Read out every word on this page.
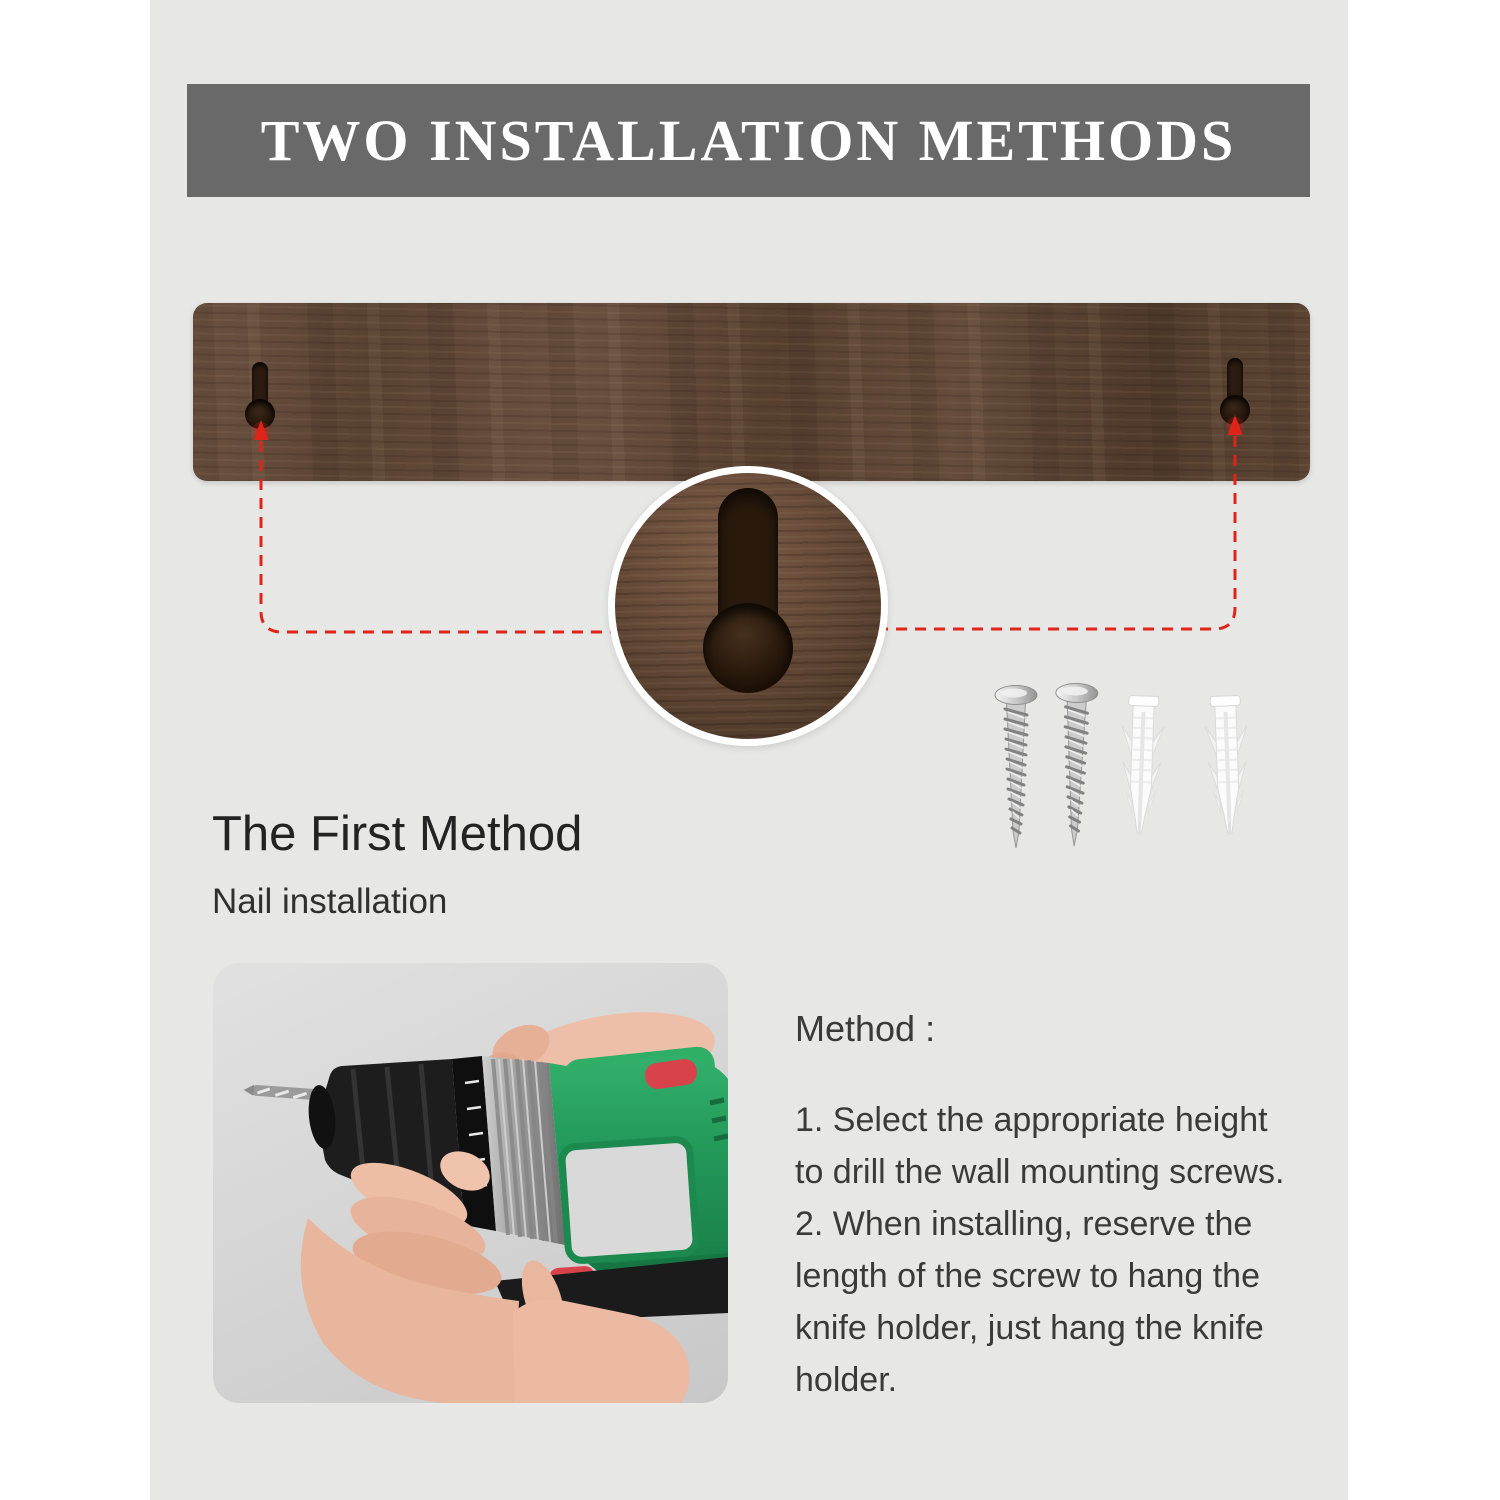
TWO INSTALLATION METHODS
The First Method
Nail installation

Method :

1. Select the appropriate height
to drill the wall mounting screws.
2. When installing, reserve the
length of the screw to hang the
knife holder, just hang the knife
holder.
